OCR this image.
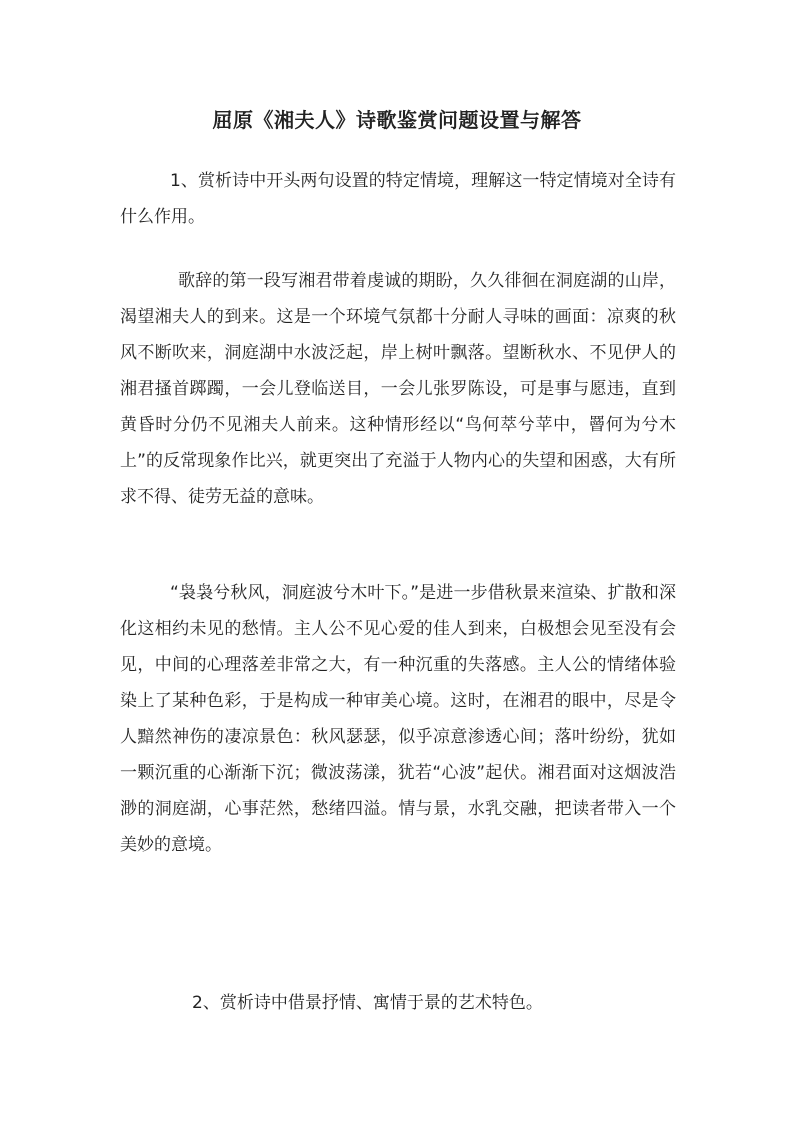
屈原《湘夫人》诗歌鉴赏问题设置与解答

1、赏析诗中开头两句设置的特定情境，理解这一特定情境对全诗有什么作用。

歌辞的第一段写湘君带着虔诚的期盼，久久徘徊在洞庭湖的山岸，渴望湘夫人的到来。这是一个环境气氛都十分耐人寻味的画面：凉爽的秋风不断吹来，洞庭湖中水波泛起，岸上树叶飘落。望断秋水、不见伊人的湘君搔首踯躅，一会儿登临送目，一会儿张罗陈设，可是事与愿违，直到黄昏时分仍不见湘夫人前来。这种情形经以“鸟何萃兮苹中，罾何为兮木上”的反常现象作比兴，就更突出了充溢于人物内心的失望和困惑，大有所求不得、徒劳无益的意味。

“袅袅兮秋风，洞庭波兮木叶下。”是进一步借秋景来渲染、扩散和深化这相约未见的愁情。主人公不见心爱的佳人到来，白极想会见至没有会见，中间的心理落差非常之大，有一种沉重的失落感。主人公的情绪体验染上了某种色彩，于是构成一种审美心境。这时，在湘君的眼中，尽是令人黯然神伤的凄凉景色：秋风瑟瑟，似乎凉意渗透心间；落叶纷纷，犹如一颗沉重的心渐渐下沉；微波荡漾，犹若“心波”起伏。湘君面对这烟波浩渺的洞庭湖，心事茫然，愁绪四溢。情与景，水乳交融，把读者带入一个美妙的意境。

2、赏析诗中借景抒情、寓情于景的艺术特色。
